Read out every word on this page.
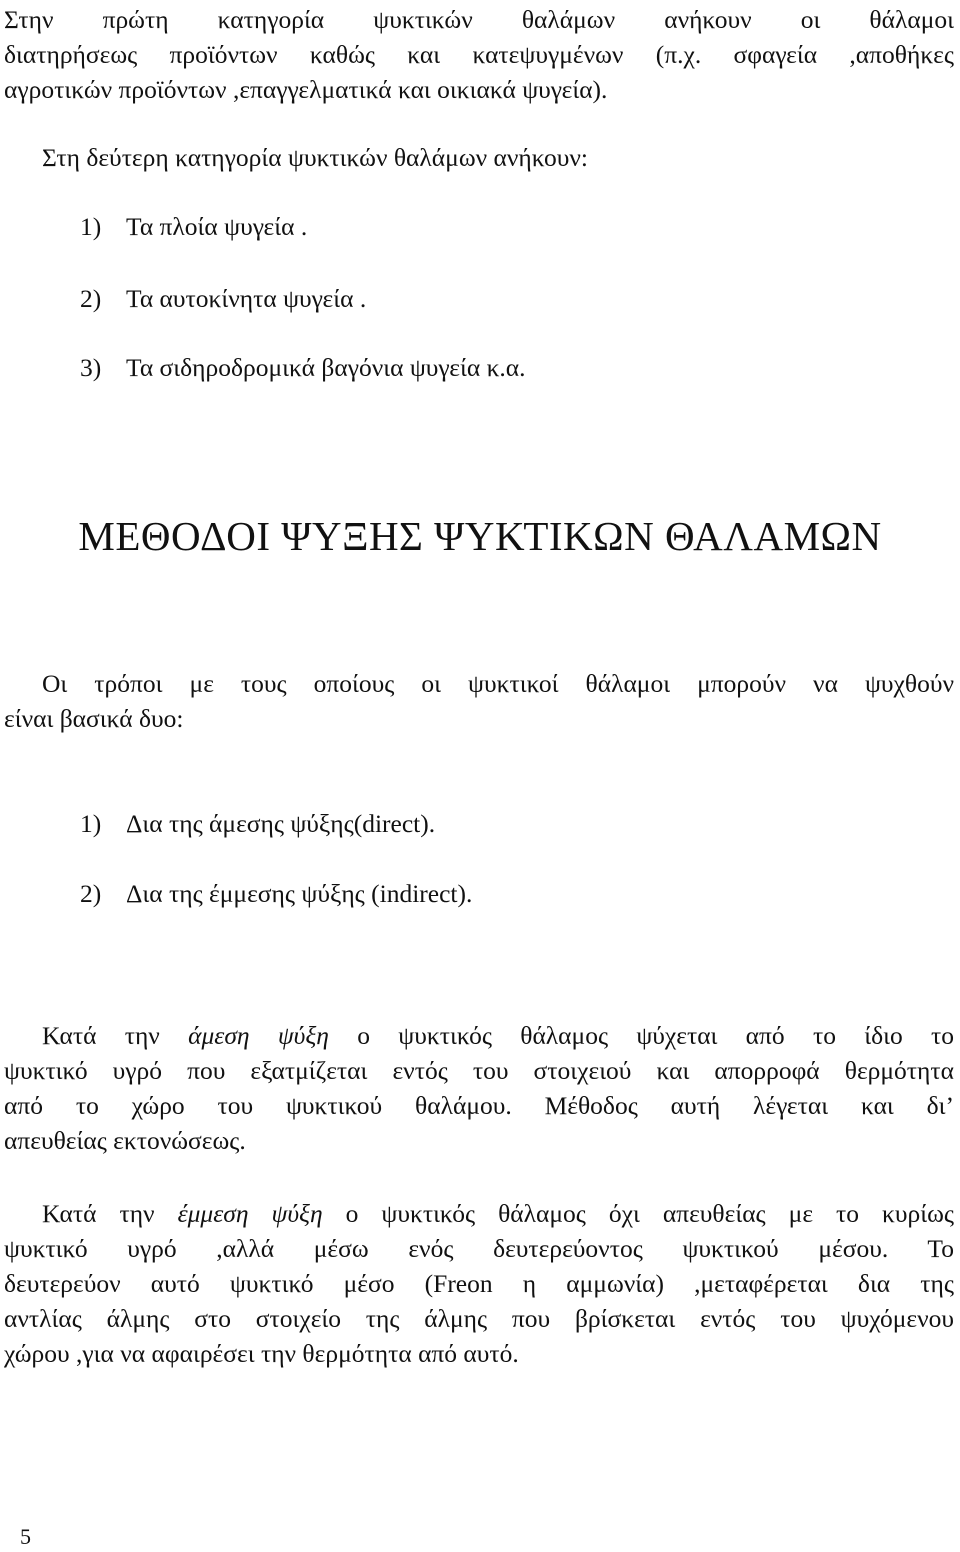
Στην πρώτη κατηγορία ψυκτικών θαλάμων ανήκουν οι θάλαμοι
διατηρήσεως προϊόντων καθώς και κατεψυγμένων (π.χ. σφαγεία ,αποθήκες
αγροτικών προϊόντων ,επαγγελματικά και οικιακά ψυγεία).

Στη δεύτερη κατηγορία ψυκτικών θαλάμων ανήκουν:

1) Τα πλοία ψυγεία .

2) Τα αυτοκίνητα ψυγεία .

3) Τα σιδηροδρομικά βαγόνια ψυγεία κ.α.

ΜΕΘΟΔΟΙ ΨΥΞΗΣ ΨΥΚΤΙΚΩΝ ΘΑΛΑΜΩΝ

Οι τρόποι με τους οποίους οι ψυκτικοί θάλαμοι μπορούν να ψυχθούν
είναι βασικά δυο:

1) Δια της άμεσης ψύξης(direct).

2) Δια της έμμεσης ψύξης (indirect).

Κατά την άμεση ψύξη ο ψυκτικός θάλαμος ψύχεται από το ίδιο το
ψυκτικό υγρό που εξατμίζεται εντός του στοιχειού και απορροφά θερμότητα
από το χώρο του ψυκτικού θαλάμου. Μέθοδος αυτή λέγεται και δι’
απευθείας εκτονώσεως.

Κατά την έμμεση ψύξη ο ψυκτικός θάλαμος όχι απευθείας με το κυρίως
ψυκτικό υγρό ,αλλά μέσω ενός δευτερεύοντος ψυκτικού μέσου. Το
δευτερεύον αυτό ψυκτικό μέσο (Freon η αμμωνία) ,μεταφέρεται δια της
αντλίας άλμης στο στοιχείο της άλμης που βρίσκεται εντός του ψυχόμενου
χώρου ,για να αφαιρέσει την θερμότητα από αυτό.

5
